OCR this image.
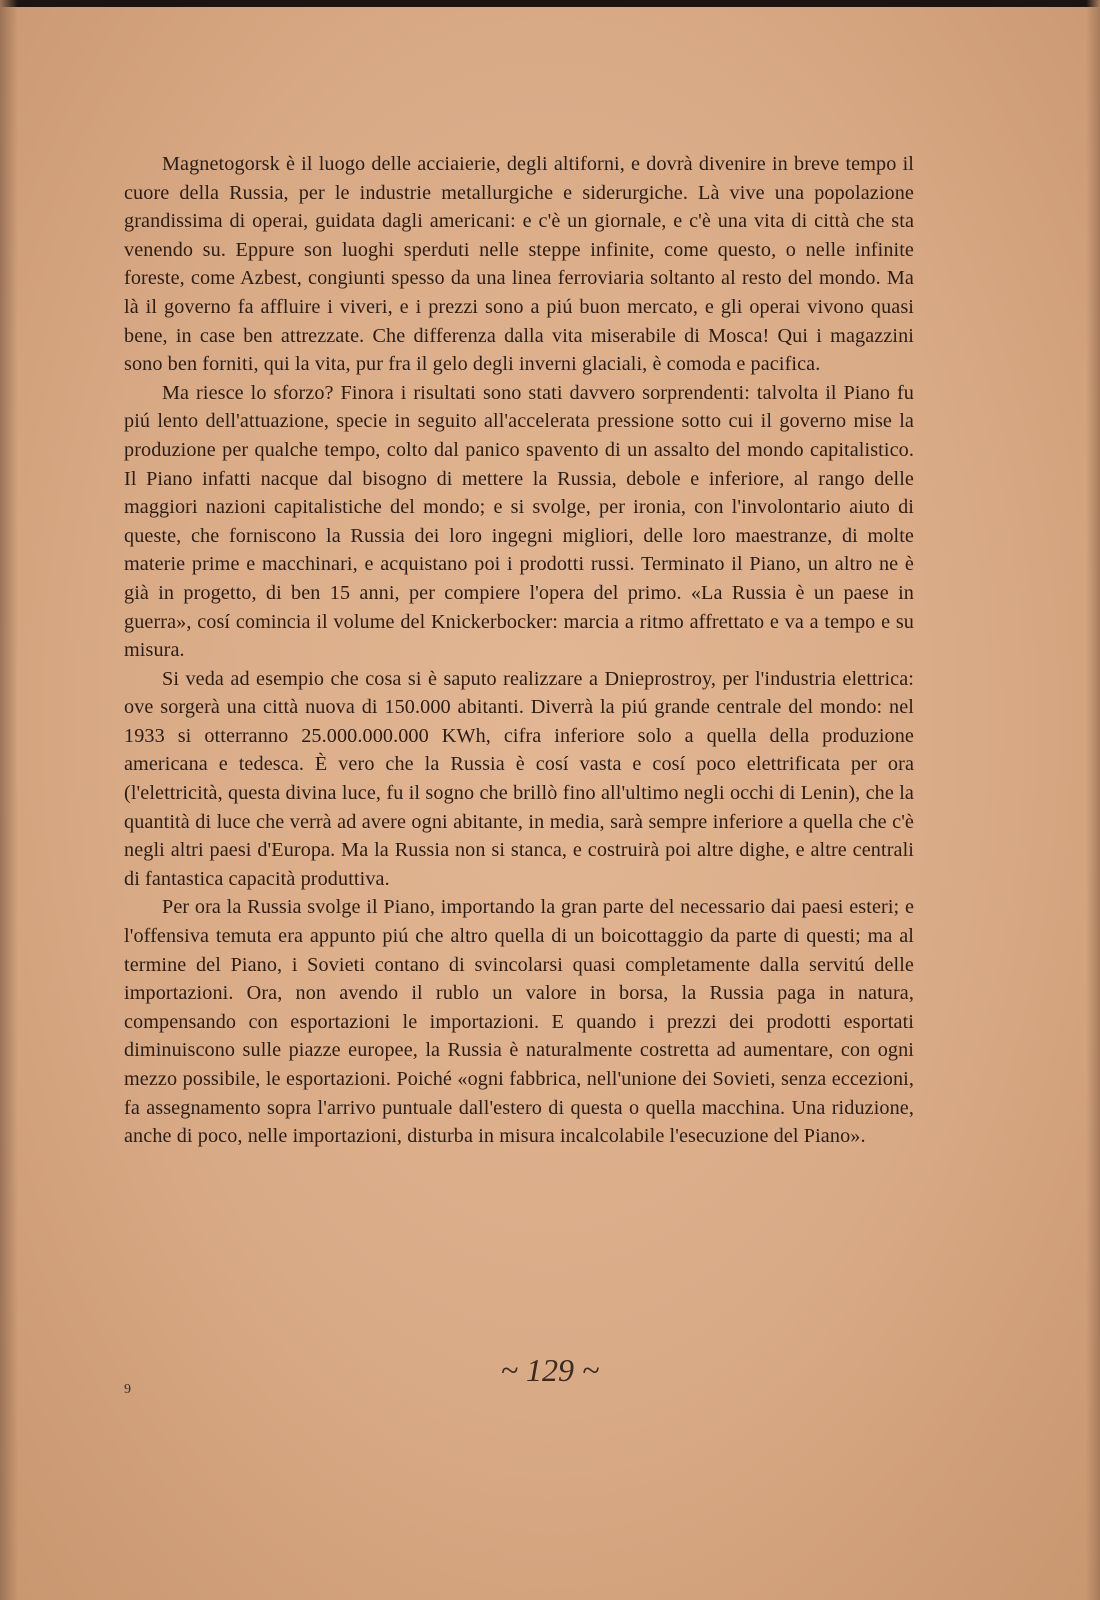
Magnetogorsk è il luogo delle acciaierie, degli altiforni, e dovrà divenire in breve tempo il cuore della Russia, per le industrie metallurgiche e siderurgiche. Là vive una popolazione grandissima di operai, guidata dagli americani: e c'è un giornale, e c'è una vita di città che sta venendo su. Eppure son luoghi sperduti nelle steppe infinite, come questo, o nelle infinite foreste, come Azbest, congiunti spesso da una linea ferroviaria soltanto al resto del mondo. Ma là il governo fa affluire i viveri, e i prezzi sono a piú buon mercato, e gli operai vivono quasi bene, in case ben attrezzate. Che differenza dalla vita miserabile di Mosca! Qui i magazzini sono ben forniti, qui la vita, pur fra il gelo degli inverni glaciali, è comoda e pacifica.

Ma riesce lo sforzo? Finora i risultati sono stati davvero sorprendenti: talvolta il Piano fu piú lento dell'attuazione, specie in seguito all'accelerata pressione sotto cui il governo mise la produzione per qualche tempo, colto dal panico spavento di un assalto del mondo capitalistico. Il Piano infatti nacque dal bisogno di mettere la Russia, debole e inferiore, al rango delle maggiori nazioni capitalistiche del mondo; e si svolge, per ironia, con l'involontario aiuto di queste, che forniscono la Russia dei loro ingegni migliori, delle loro maestranze, di molte materie prime e macchinari, e acquistano poi i prodotti russi. Terminato il Piano, un altro ne è già in progetto, di ben 15 anni, per compiere l'opera del primo. «La Russia è un paese in guerra», cosí comincia il volume del Knickerbocker: marcia a ritmo affrettato e va a tempo e su misura.

Si veda ad esempio che cosa si è saputo realizzare a Dnieprostroy, per l'industria elettrica: ove sorgerà una città nuova di 150.000 abitanti. Diverrà la piú grande centrale del mondo: nel 1933 si otterranno 25.000.000.000 KWh, cifra inferiore solo a quella della produzione americana e tedesca. È vero che la Russia è cosí vasta e cosí poco elettrificata per ora (l'elettricità, questa divina luce, fu il sogno che brillò fino all'ultimo negli occhi di Lenin), che la quantità di luce che verrà ad avere ogni abitante, in media, sarà sempre inferiore a quella che c'è negli altri paesi d'Europa. Ma la Russia non si stanca, e costruirà poi altre dighe, e altre centrali di fantastica capacità produttiva.

Per ora la Russia svolge il Piano, importando la gran parte del necessario dai paesi esteri; e l'offensiva temuta era appunto piú che altro quella di un boicottaggio da parte di questi; ma al termine del Piano, i Sovieti contano di svincolarsi quasi completamente dalla servitú delle importazioni. Ora, non avendo il rublo un valore in borsa, la Russia paga in natura, compensando con esportazioni le importazioni. E quando i prezzi dei prodotti esportati diminuiscono sulle piazze europee, la Russia è naturalmente costretta ad aumentare, con ogni mezzo possibile, le esportazioni. Poiché «ogni fabbrica, nell'unione dei Sovieti, senza eccezioni, fa assegnamento sopra l'arrivo puntuale dall'estero di questa o quella macchina. Una riduzione, anche di poco, nelle importazioni, disturba in misura incalcolabile l'esecuzione del Piano».

~ 129 ~
9
